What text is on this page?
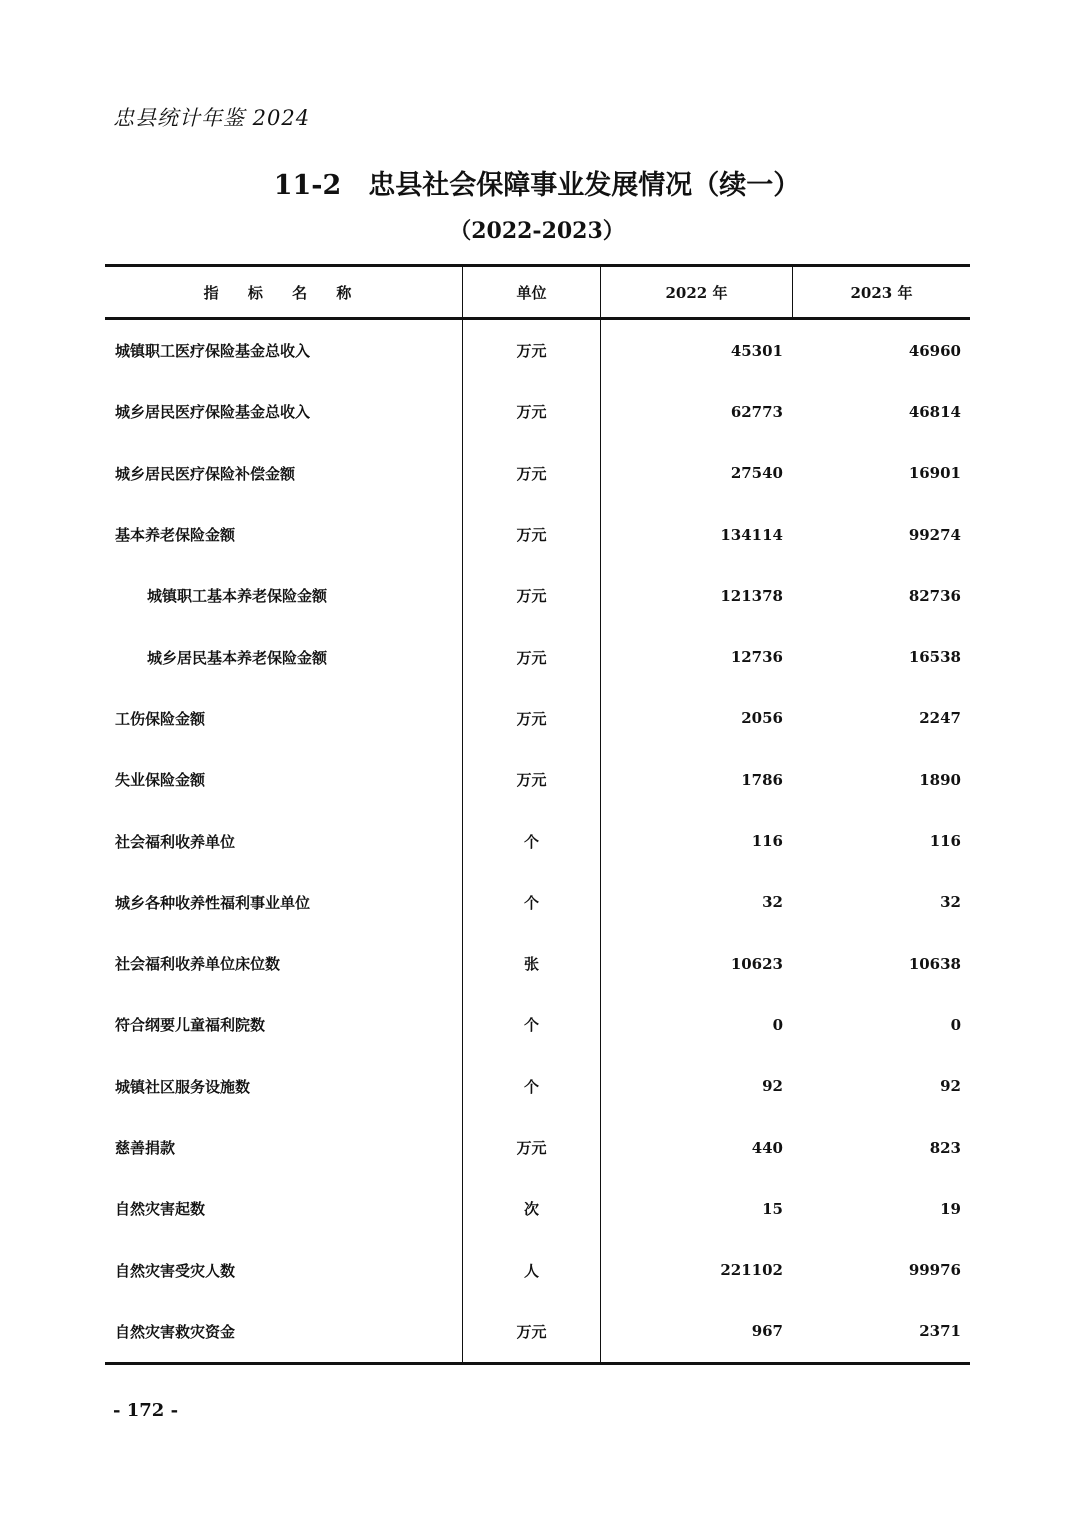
忠县统计年鉴 2024
11-2　忠县社会保障事业发展情况（续一）
（2022-2023）
指 标 名 称	单位	2022 年	2023 年
城镇职工医疗保险基金总收入	万元	45301	46960
城乡居民医疗保险基金总收入	万元	62773	46814
城乡居民医疗保险补偿金额	万元	27540	16901
基本养老保险金额	万元	134114	99274
城镇职工基本养老保险金额	万元	121378	82736
城乡居民基本养老保险金额	万元	12736	16538
工伤保险金额	万元	2056	2247
失业保险金额	万元	1786	1890
社会福利收养单位	个	116	116
城乡各种收养性福利事业单位	个	32	32
社会福利收养单位床位数	张	10623	10638
符合纲要儿童福利院数	个	0	0
城镇社区服务设施数	个	92	92
慈善捐款	万元	440	823
自然灾害起数	次	15	19
自然灾害受灾人数	人	221102	99976
自然灾害救灾资金	万元	967	2371
- 172 -
